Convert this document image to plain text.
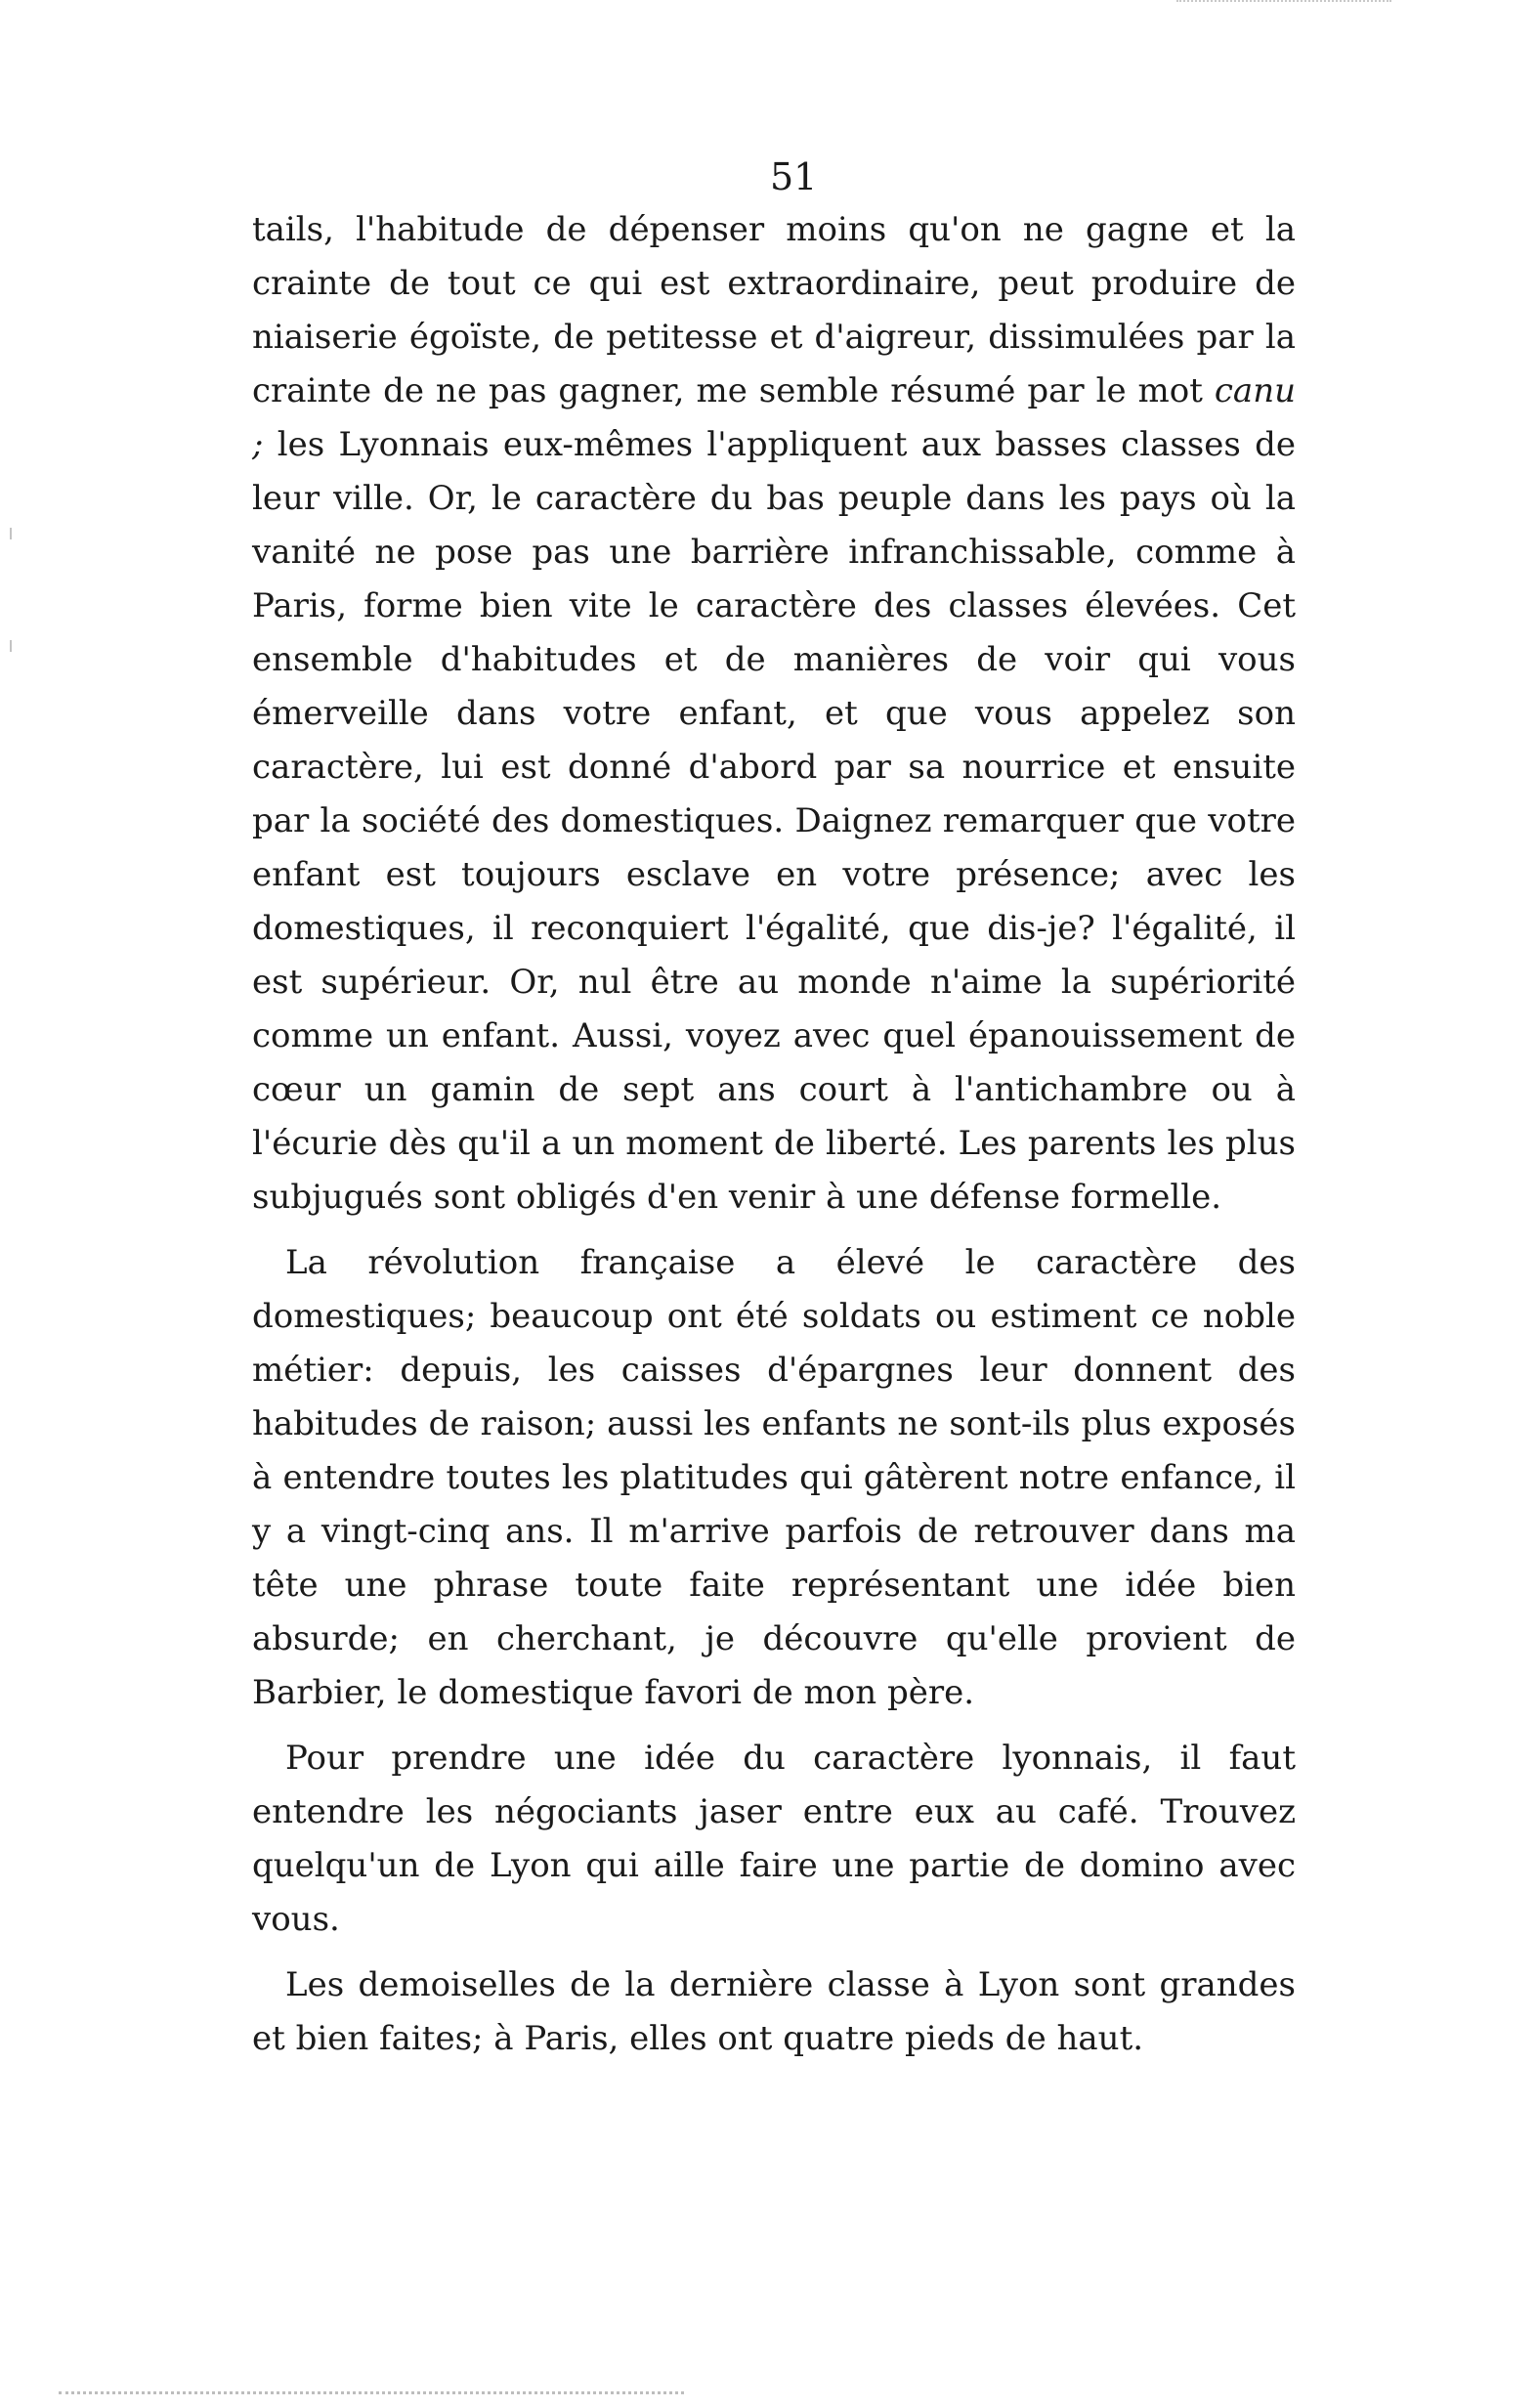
51

tails, l'habitude de dépenser moins qu'on ne gagne et la crainte de tout ce qui est extraordinaire, peut produire de niaiserie égoïste, de petitesse et d'aigreur, dissimulées par la crainte de ne pas gagner, me semble résumé par le mot canu ; les Lyonnais eux-mêmes l'appliquent aux basses classes de leur ville. Or, le caractère du bas peuple dans les pays où la vanité ne pose pas une barrière infranchissable, comme à Paris, forme bien vite le caractère des classes élevées. Cet ensemble d'habitudes et de manières de voir qui vous émerveille dans votre enfant, et que vous appelez son caractère, lui est donné d'abord par sa nourrice et ensuite par la société des domestiques. Daignez remarquer que votre enfant est toujours esclave en votre présence; avec les domestiques, il reconquiert l'égalité, que dis-je? l'égalité, il est supérieur. Or, nul être au monde n'aime la supériorité comme un enfant. Aussi, voyez avec quel épanouissement de cœur un gamin de sept ans court à l'antichambre ou à l'écurie dès qu'il a un moment de liberté. Les parents les plus subjugués sont obligés d'en venir à une défense formelle.

La révolution française a élevé le caractère des domestiques; beaucoup ont été soldats ou estiment ce noble métier: depuis, les caisses d'épargnes leur donnent des habitudes de raison; aussi les enfants ne sont-ils plus exposés à entendre toutes les platitudes qui gâtèrent notre enfance, il y a vingt-cinq ans. Il m'arrive parfois de retrouver dans ma tête une phrase toute faite représentant une idée bien absurde; en cherchant, je découvre qu'elle provient de Barbier, le domestique favori de mon père.

Pour prendre une idée du caractère lyonnais, il faut entendre les négociants jaser entre eux au café. Trouvez quelqu'un de Lyon qui aille faire une partie de domino avec vous.

Les demoiselles de la dernière classe à Lyon sont grandes et bien faites; à Paris, elles ont quatre pieds de haut.
